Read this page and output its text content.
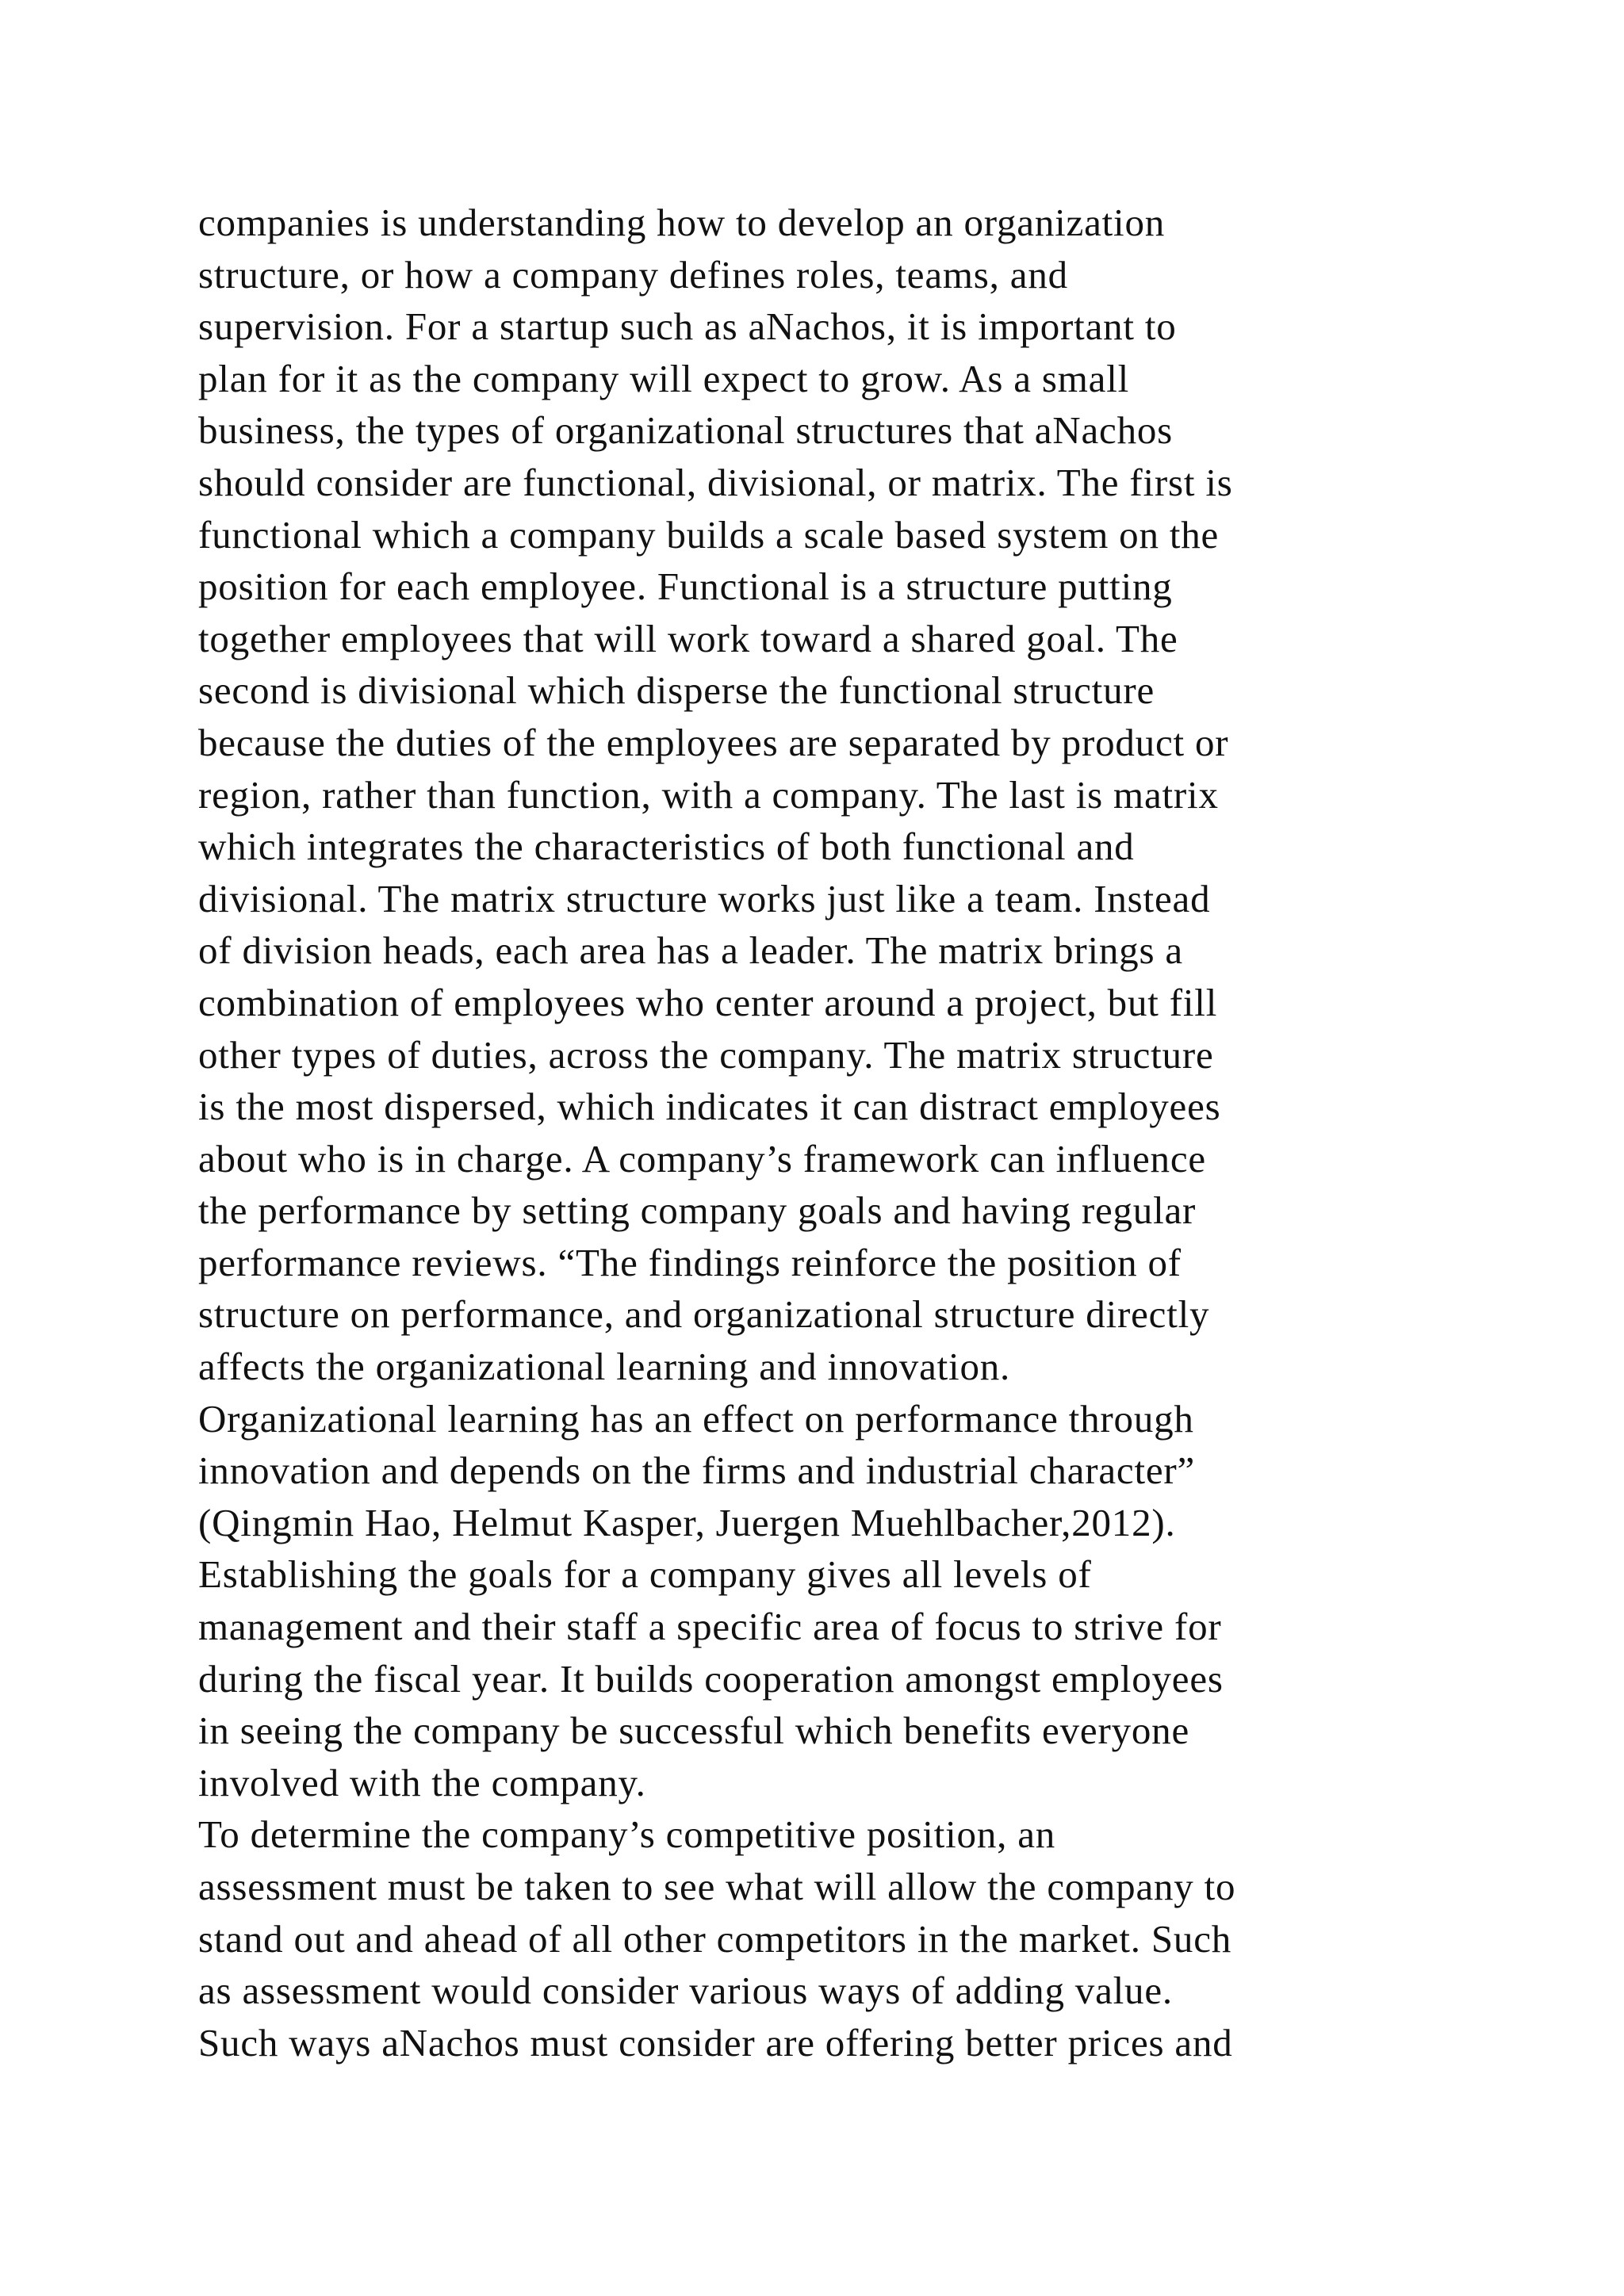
companies is understanding how to develop an organization
structure, or how a company defines roles, teams, and
supervision. For a startup such as aNachos, it is important to
plan for it as the company will expect to grow. As a small
business, the types of organizational structures that aNachos
should consider are functional, divisional, or matrix. The first is
functional which a company builds a scale based system on the
position for each employee. Functional is a structure putting
together employees that will work toward a shared goal. The
second is divisional which disperse the functional structure
because the duties of the employees are separated by product or
region, rather than function, with a company. The last is matrix
which integrates the characteristics of both functional and
divisional. The matrix structure works just like a team. Instead
of division heads, each area has a leader. The matrix brings a
combination of employees who center around a project, but fill
other types of duties, across the company. The matrix structure
is the most dispersed, which indicates it can distract employees
about who is in charge. A company’s framework can influence
the performance by setting company goals and having regular
performance reviews. “The findings reinforce the position of
structure on performance, and organizational structure directly
affects the organizational learning and innovation.
Organizational learning has an effect on performance through
innovation and depends on the firms and industrial character”
(Qingmin Hao, Helmut Kasper, Juergen Muehlbacher,2012).
Establishing the goals for a company gives all levels of
management and their staff a specific area of focus to strive for
during the fiscal year. It builds cooperation amongst employees
in seeing the company be successful which benefits everyone
involved with the company.
To determine the company’s competitive position, an
assessment must be taken to see what will allow the company to
stand out and ahead of all other competitors in the market. Such
as assessment would consider various ways of adding value.
Such ways aNachos must consider are offering better prices and
